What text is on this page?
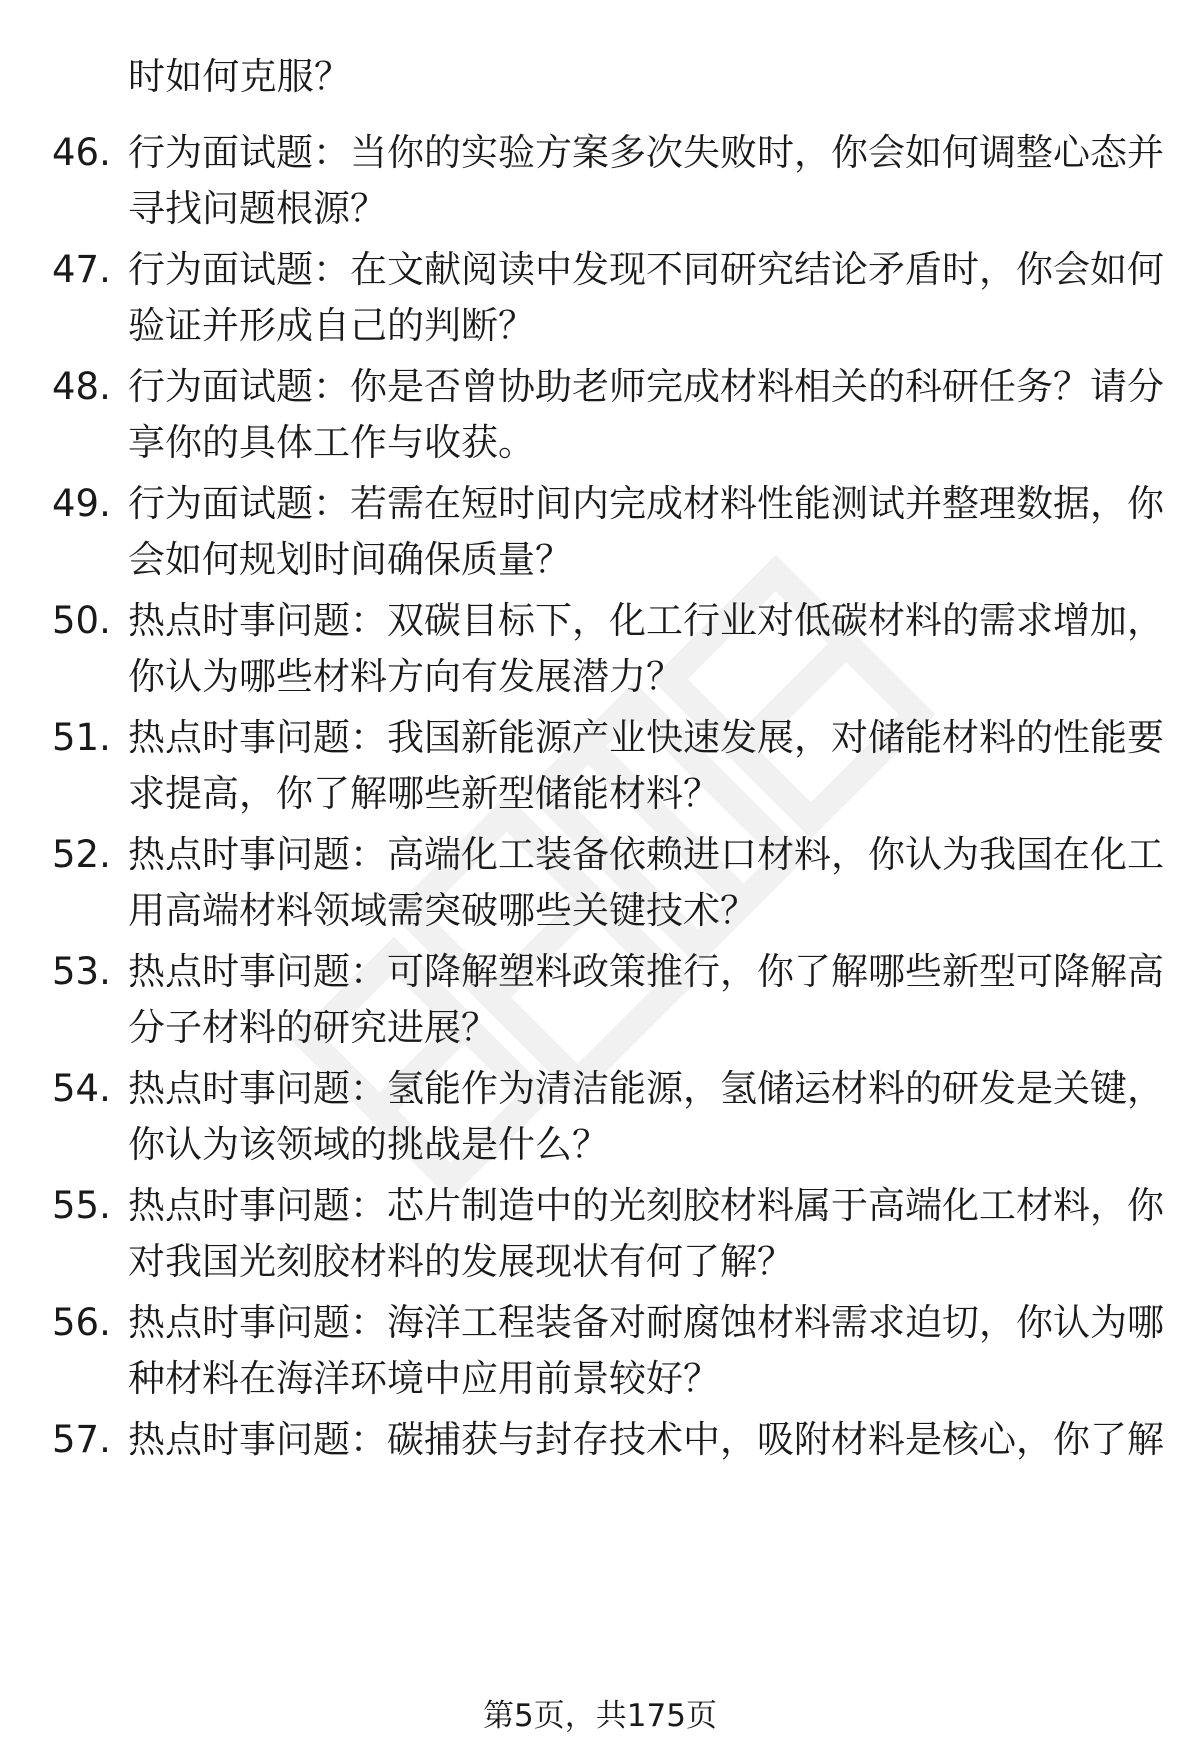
时如何克服？
46. 行为面试题：当你的实验方案多次失败时，你会如何调整心态并
寻找问题根源？
47. 行为面试题：在文献阅读中发现不同研究结论矛盾时，你会如何
验证并形成自己的判断？
48. 行为面试题：你是否曾协助老师完成材料相关的科研任务？请分
享你的具体工作与收获。
49. 行为面试题：若需在短时间内完成材料性能测试并整理数据，你
会如何规划时间确保质量？
50. 热点时事问题：双碳目标下，化工行业对低碳材料的需求增加，
你认为哪些材料方向有发展潜力？
51. 热点时事问题：我国新能源产业快速发展，对储能材料的性能要
求提高，你了解哪些新型储能材料？
52. 热点时事问题：高端化工装备依赖进口材料，你认为我国在化工
用高端材料领域需突破哪些关键技术？
53. 热点时事问题：可降解塑料政策推行，你了解哪些新型可降解高
分子材料的研究进展？
54. 热点时事问题：氢能作为清洁能源，氢储运材料的研发是关键，
你认为该领域的挑战是什么？
55. 热点时事问题：芯片制造中的光刻胶材料属于高端化工材料，你
对我国光刻胶材料的发展现状有何了解？
56. 热点时事问题：海洋工程装备对耐腐蚀材料需求迫切，你认为哪
种材料在海洋环境中应用前景较好？
57. 热点时事问题：碳捕获与封存技术中，吸附材料是核心，你了解
第5页，共175页
